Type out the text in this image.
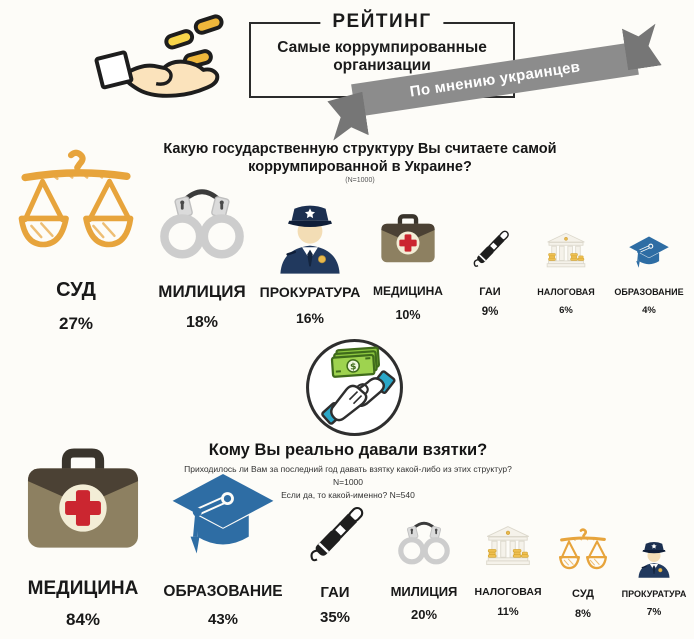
РЕЙТИНГ
Самые коррумпированные организации
По мнению украинцев
Какую государственную структуру Вы считаете самой коррумпированной в Украине?
(N=1000)
СУД
27%
МИЛИЦИЯ
18%
ПРОКУРАТУРА
16%
МЕДИЦИНА
10%
ГАИ
9%
НАЛОГОВАЯ
6%
ОБРАЗОВАНИЕ
4%
$
Кому Вы реально давали взятки?
Приходилось ли Вам за последний год давать взятку какой-либо из этих структур?
N=1000
Если да, то какой-именно? N=540
МЕДИЦИНА
84%
ОБРАЗОВАНИЕ
43%
ГАИ
35%
МИЛИЦИЯ
20%
НАЛОГОВАЯ
11%
СУД
8%
ПРОКУРАТУРА
7%
